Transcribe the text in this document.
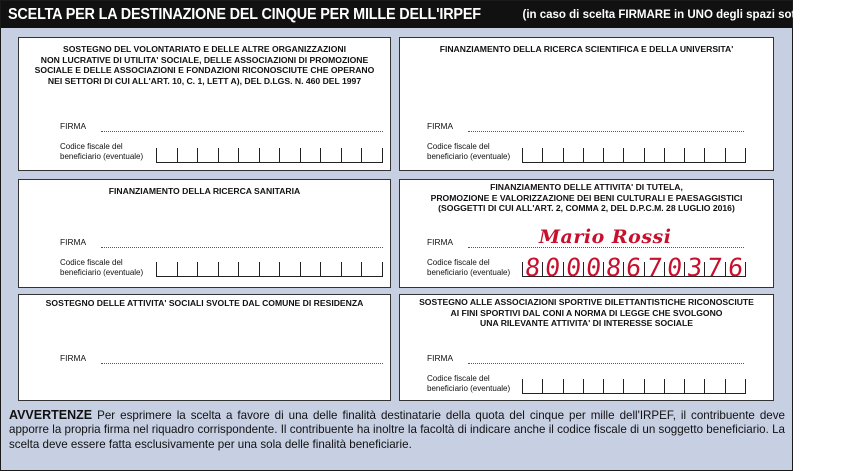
SCELTA PER LA DESTINAZIONE DEL CINQUE PER MILLE DELL'IRPEF	(in caso di scelta FIRMARE in UNO degli spazi sottostanti)
SOSTEGNO DEL VOLONTARIATO E DELLE ALTRE ORGANIZZAZIONI
NON LUCRATIVE DI UTILITA' SOCIALE, DELLE ASSOCIAZIONI DI PROMOZIONE
SOCIALE E DELLE ASSOCIAZIONI E FONDAZIONI RICONOSCIUTE CHE OPERANO
NEI SETTORI DI CUI ALL'ART. 10, C. 1, LETT A), DEL D.LGS. N. 460 DEL 1997
FIRMA
Codice fiscale del
beneficiario (eventuale)
FINANZIAMENTO DELLA RICERCA SCIENTIFICA E DELLA UNIVERSITA'
FIRMA
Codice fiscale del
beneficiario (eventuale)
FINANZIAMENTO DELLA RICERCA SANITARIA
FIRMA
Codice fiscale del
beneficiario (eventuale)
FINANZIAMENTO DELLE ATTIVITA' DI TUTELA,
PROMOZIONE E VALORIZZAZIONE DEI BENI CULTURALI E PAESAGGISTICI
(SOGGETTI DI CUI ALL'ART. 2, COMMA 2, DEL D.P.C.M. 28 LUGLIO 2016)
FIRMA	Mario Rossi
Codice fiscale del
beneficiario (eventuale) 8 0 0 0 8 6 7 0 3 7 6
SOSTEGNO DELLE ATTIVITA' SOCIALI SVOLTE DAL COMUNE DI RESIDENZA
FIRMA
SOSTEGNO ALLE ASSOCIAZIONI SPORTIVE DILETTANTISTICHE RICONOSCIUTE
AI FINI SPORTIVI DAL CONI A NORMA DI LEGGE CHE SVOLGONO
UNA RILEVANTE ATTIVITA' DI INTERESSE SOCIALE
FIRMA
Codice fiscale del
beneficiario (eventuale)
AVVERTENZE Per esprimere la scelta a favore di una delle finalità destinatarie della quota del cinque per mille dell'IRPEF, il contribuente deve apporre la propria firma nel riquadro corrispondente. Il contribuente ha inoltre la facoltà di indicare anche il codice fiscale di un soggetto beneficiario. La scelta deve essere fatta esclusivamente per una sola delle finalità beneficiarie.
